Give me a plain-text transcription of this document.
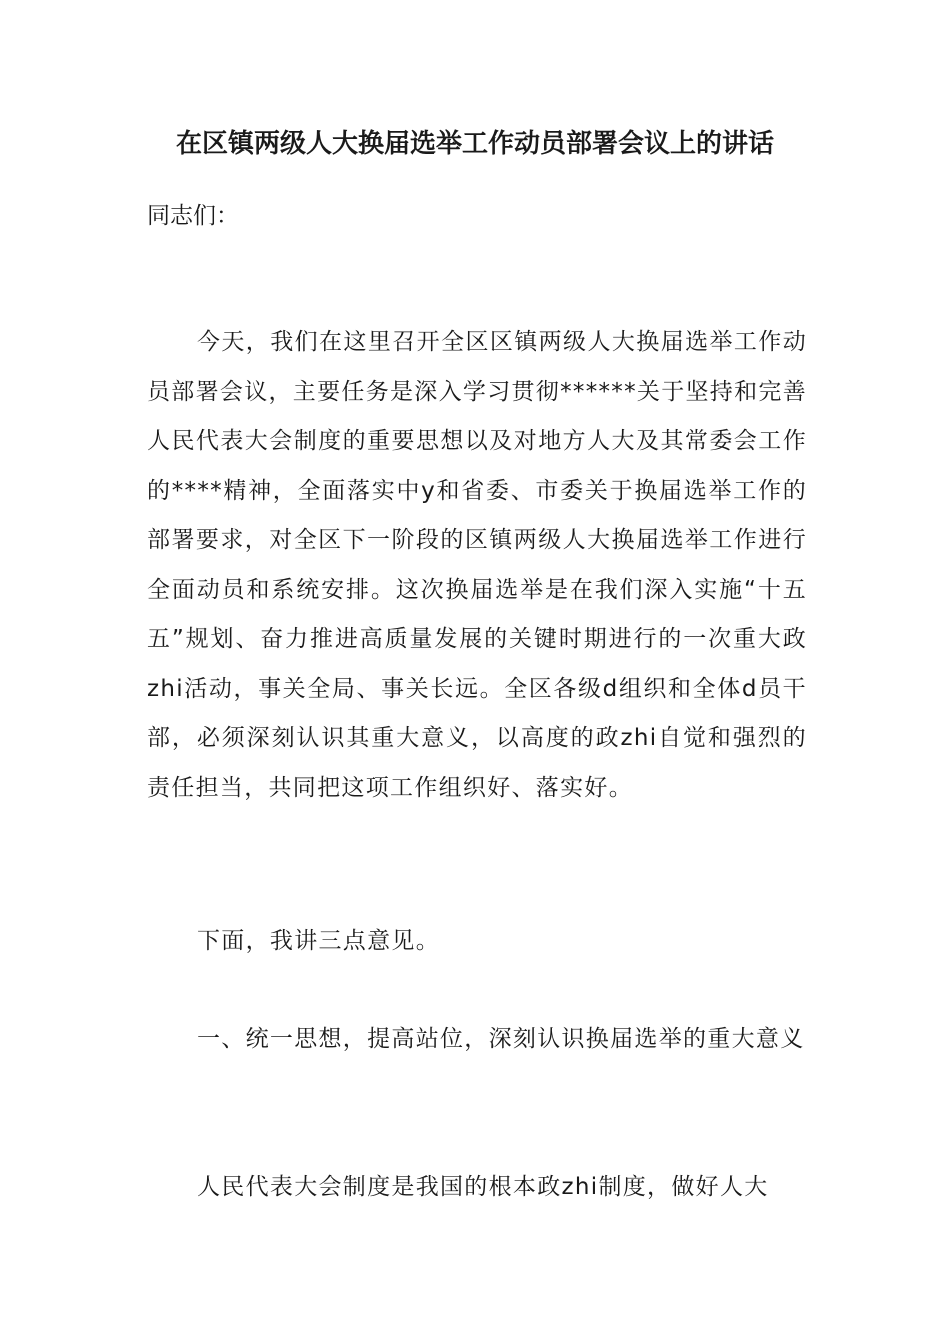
在区镇两级人大换届选举工作动员部署会议上的讲话
同志们：

今天，我们在这里召开全区区镇两级人大换届选举工作动员部署会议，主要任务是深入学习贯彻******关于坚持和完善人民代表大会制度的重要思想以及对地方人大及其常委会工作的****精神，全面落实中y和省委、市委关于换届选举工作的部署要求，对全区下一阶段的区镇两级人大换届选举工作进行全面动员和系统安排。这次换届选举是在我们深入实施“十五五”规划、奋力推进高质量发展的关键时期进行的一次重大政zhi活动，事关全局、事关长远。全区各级d组织和全体d员干部，必须深刻认识其重大意义，以高度的政zhi自觉和强烈的责任担当，共同把这项工作组织好、落实好。

下面，我讲三点意见。

一、统一思想，提高站位，深刻认识换届选举的重大意义

人民代表大会制度是我国的根本政zhi制度，做好人大
